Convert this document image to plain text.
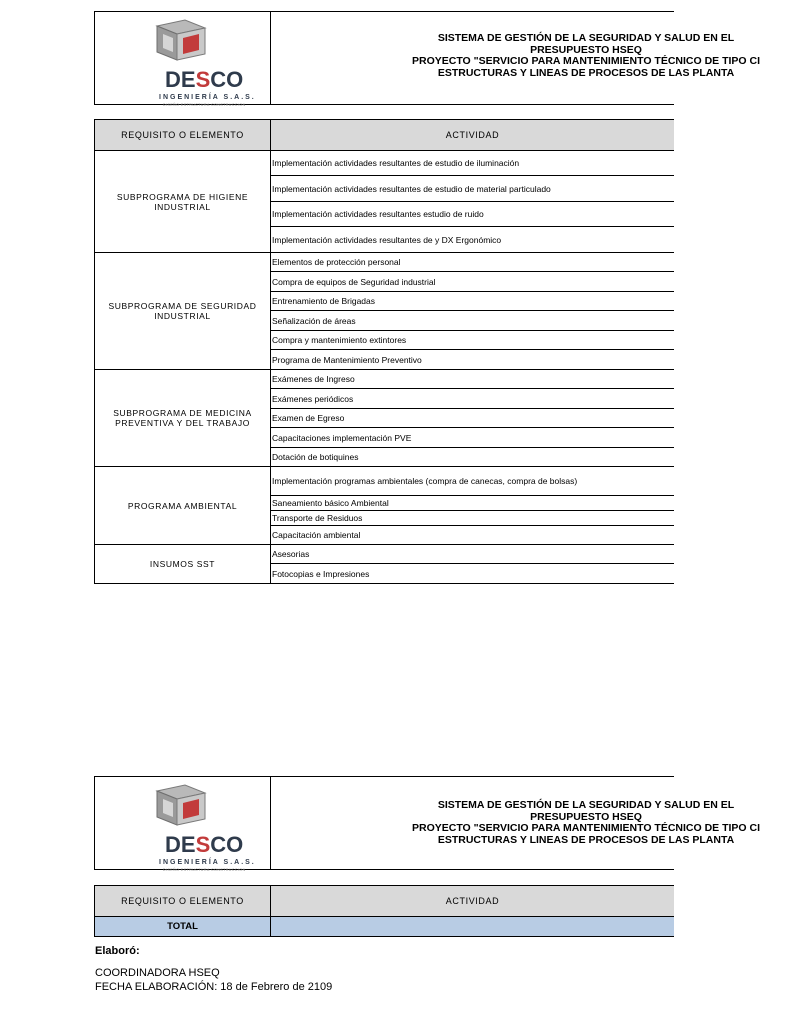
DESCO
INGENIERÍA S.A.S.
DISEÑO ESTRUCTURA CONSTRUCCION
SISTEMA DE GESTIÓN DE LA SEGURIDAD Y SALUD EN EL
PRESUPUESTO HSEQ
PROYECTO "SERVICIO PARA MANTENIMIENTO TÉCNICO DE TIPO CI
ESTRUCTURAS Y LINEAS DE PROCESOS DE LAS PLANTA
REQUISITO O ELEMENTO	ACTIVIDAD
SUBPROGRAMA DE HIGIENE INDUSTRIAL	Implementación actividades resultantes de estudio de iluminación
	Implementación actividades resultantes de estudio de material particulado
	Implementación actividades resultantes estudio de ruido
	Implementación actividades resultantes de y DX Ergonómico
SUBPROGRAMA DE SEGURIDAD INDUSTRIAL	Elementos de protección personal
	Compra de equipos de Seguridad industrial
	Entrenamiento de Brigadas
	Señalización de áreas
	Compra y mantenimiento extintores
	Programa de Mantenimiento Preventivo
SUBPROGRAMA DE MEDICINA PREVENTIVA Y DEL TRABAJO	Exámenes de Ingreso
	Exámenes periódicos
	Examen de Egreso
	Capacitaciones implementación PVE
	Dotación de botiquines
PROGRAMA AMBIENTAL	Implementación programas ambientales (compra de canecas, compra de bolsas)
	Saneamiento básico Ambiental
	Transporte de Residuos
	Capacitación ambiental
INSUMOS SST	Asesorias
	Fotocopias e Impresiones
DESCO
INGENIERÍA S.A.S.
DISEÑO ESTRUCTURA CONSTRUCCION
SISTEMA DE GESTIÓN DE LA SEGURIDAD Y SALUD EN EL
PRESUPUESTO HSEQ
PROYECTO "SERVICIO PARA MANTENIMIENTO TÉCNICO DE TIPO CI
ESTRUCTURAS Y LINEAS DE PROCESOS DE LAS PLANTA
REQUISITO O ELEMENTO	ACTIVIDAD
TOTAL	
Elaboró:
COORDINADORA HSEQ
FECHA ELABORACIÓN: 18 de Febrero de 2109
